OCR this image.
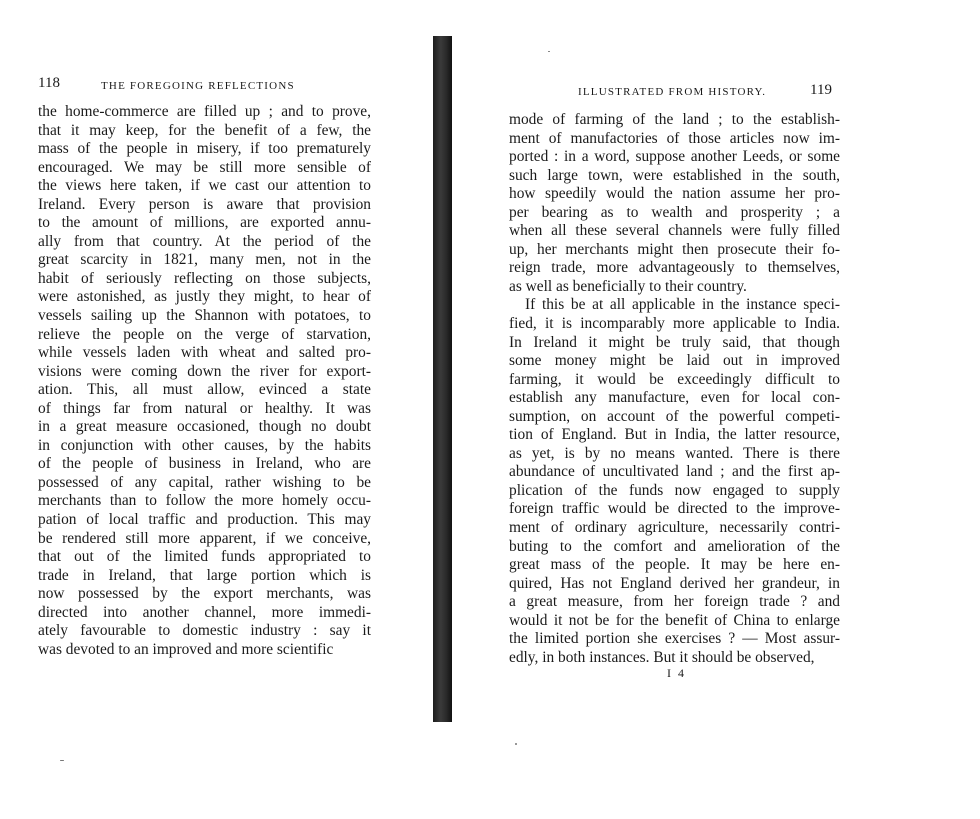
118	THE FOREGOING REFLECTIONS
the home-commerce are filled up ; and to prove,
that it may keep, for the benefit of a few, the
mass of the people in misery, if too prematurely
encouraged. We may be still more sensible of
the views here taken, if we cast our attention to
Ireland. Every person is aware that provision
to the amount of millions, are exported annu-
ally from that country. At the period of the
great scarcity in 1821, many men, not in the
habit of seriously reflecting on those subjects,
were astonished, as justly they might, to hear of
vessels sailing up the Shannon with potatoes, to
relieve the people on the verge of starvation,
while vessels laden with wheat and salted pro-
visions were coming down the river for export-
ation. This, all must allow, evinced a state
of things far from natural or healthy. It was
in a great measure occasioned, though no doubt
in conjunction with other causes, by the habits
of the people of business in Ireland, who are
possessed of any capital, rather wishing to be
merchants than to follow the more homely occu-
pation of local traffic and production. This may
be rendered still more apparent, if we conceive,
that out of the limited funds appropriated to
trade in Ireland, that large portion which is
now possessed by the export merchants, was
directed into another channel, more immedi-
ately favourable to domestic industry : say it
was devoted to an improved and more scientific
ILLUSTRATED FROM HISTORY.	119
mode of farming of the land ; to the establish-
ment of manufactories of those articles now im-
ported : in a word, suppose another Leeds, or some
such large town, were established in the south,
how speedily would the nation assume her pro-
per bearing as to wealth and prosperity ; a
when all these several channels were fully filled
up, her merchants might then prosecute their fo-
reign trade, more advantageously to themselves,
as well as beneficially to their country.
If this be at all applicable in the instance speci-
fied, it is incomparably more applicable to India.
In Ireland it might be truly said, that though
some money might be laid out in improved
farming, it would be exceedingly difficult to
establish any manufacture, even for local con-
sumption, on account of the powerful competi-
tion of England. But in India, the latter resource,
as yet, is by no means wanted. There is there
abundance of uncultivated land ; and the first ap-
plication of the funds now engaged to supply
foreign traffic would be directed to the improve-
ment of ordinary agriculture, necessarily contri-
buting to the comfort and amelioration of the
great mass of the people. It may be here en-
quired, Has not England derived her grandeur, in
a great measure, from her foreign trade ? and
would it not be for the benefit of China to enlarge
the limited portion she exercises ? — Most assur-
edly, in both instances. But it should be observed,
I 4
